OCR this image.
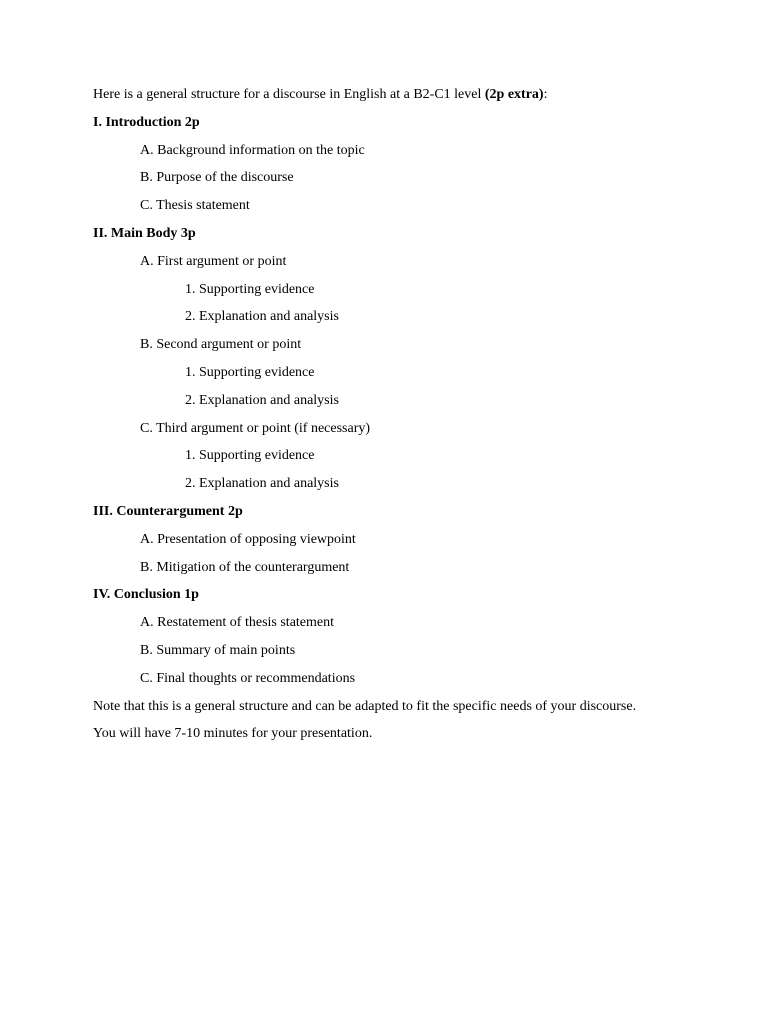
Here is a general structure for a discourse in English at a B2-C1 level (2p extra):
I. Introduction 2p
A. Background information on the topic
B. Purpose of the discourse
C. Thesis statement
II. Main Body 3p
A. First argument or point
1. Supporting evidence
2. Explanation and analysis
B. Second argument or point
1. Supporting evidence
2. Explanation and analysis
C. Third argument or point (if necessary)
1. Supporting evidence
2. Explanation and analysis
III. Counterargument 2p
A. Presentation of opposing viewpoint
B. Mitigation of the counterargument
IV. Conclusion 1p
A. Restatement of thesis statement
B. Summary of main points
C. Final thoughts or recommendations
Note that this is a general structure and can be adapted to fit the specific needs of your discourse.
You will have 7-10 minutes for your presentation.
